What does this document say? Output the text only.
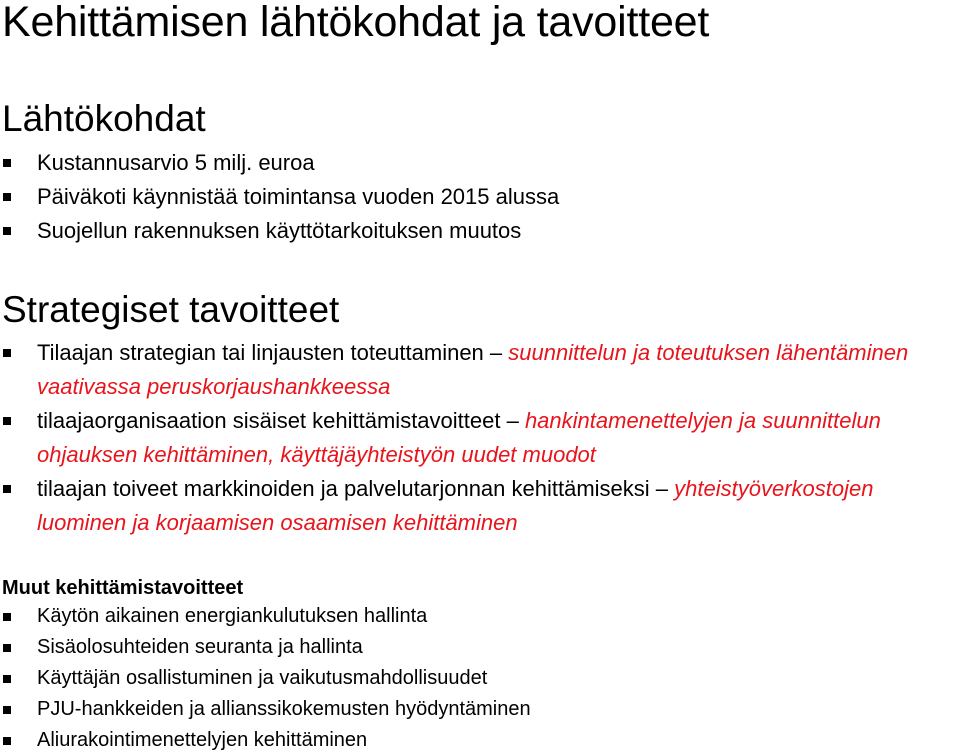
Kehittämisen lähtökohdat ja tavoitteet
Lähtökohdat
Kustannusarvio 5 milj. euroa
Päiväkoti käynnistää toimintansa vuoden 2015 alussa
Suojellun rakennuksen käyttötarkoituksen muutos
Strategiset tavoitteet
Tilaajan strategian tai linjausten toteuttaminen – suunnittelun ja toteutuksen lähentäminen vaativassa peruskorjaushankkeessa
tilaajaorganisaation sisäiset kehittämistavoitteet – hankintamenettelyjen ja suunnittelun ohjauksen kehittäminen, käyttäjäyhteistyön uudet muodot
tilaajan toiveet markkinoiden ja palvelutarjonnan kehittämiseksi – yhteistyöverkostojen luominen ja korjaamisen osaamisen kehittäminen
Muut kehittämistavoitteet
Käytön aikainen energiankulutuksen hallinta
Sisäolosuhteiden seuranta ja hallinta
Käyttäjän osallistuminen ja vaikutusmahdollisuudet
PJU-hankkeiden ja allianssikokemusten hyödyntäminen
Aliurakointimenettelyjen kehittäminen
